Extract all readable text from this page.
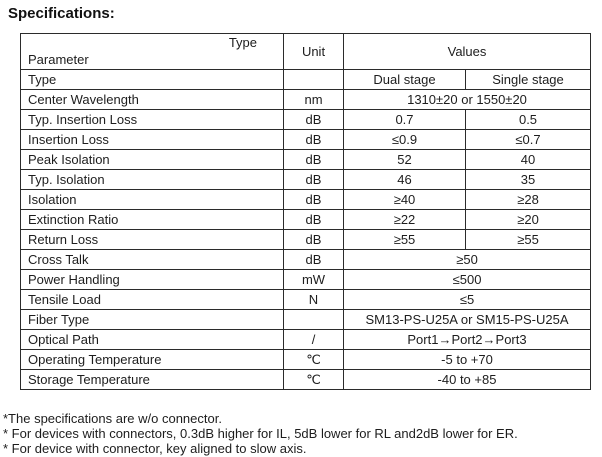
Specifications:
Type
Parameter	Unit	Values	
Type		Dual stage	Single stage
Center Wavelength	nm	1310±20 or 1550±20	
Typ. Insertion Loss	dB	0.7	0.5
Insertion Loss	dB	≤0.9	≤0.7
Peak Isolation	dB	52	40
Typ. Isolation	dB	46	35
Isolation	dB	≥40	≥28
Extinction Ratio	dB	≥22	≥20
Return Loss	dB	≥55	≥55
Cross Talk	dB	≥50	
Power Handling	mW	≤500	
Tensile Load	N	≤5	
Fiber Type		SM13-PS-U25A or SM15-PS-U25A	
Optical Path	/	Port1→Port2→Port3	
Operating Temperature	℃	-5 to +70	
Storage Temperature	℃	-40 to +85	

*The specifications are w/o connector.

* For devices with connectors, 0.3dB higher for IL, 5dB lower for RL and2dB lower for ER.

* For device with connector, key aligned to slow axis.
